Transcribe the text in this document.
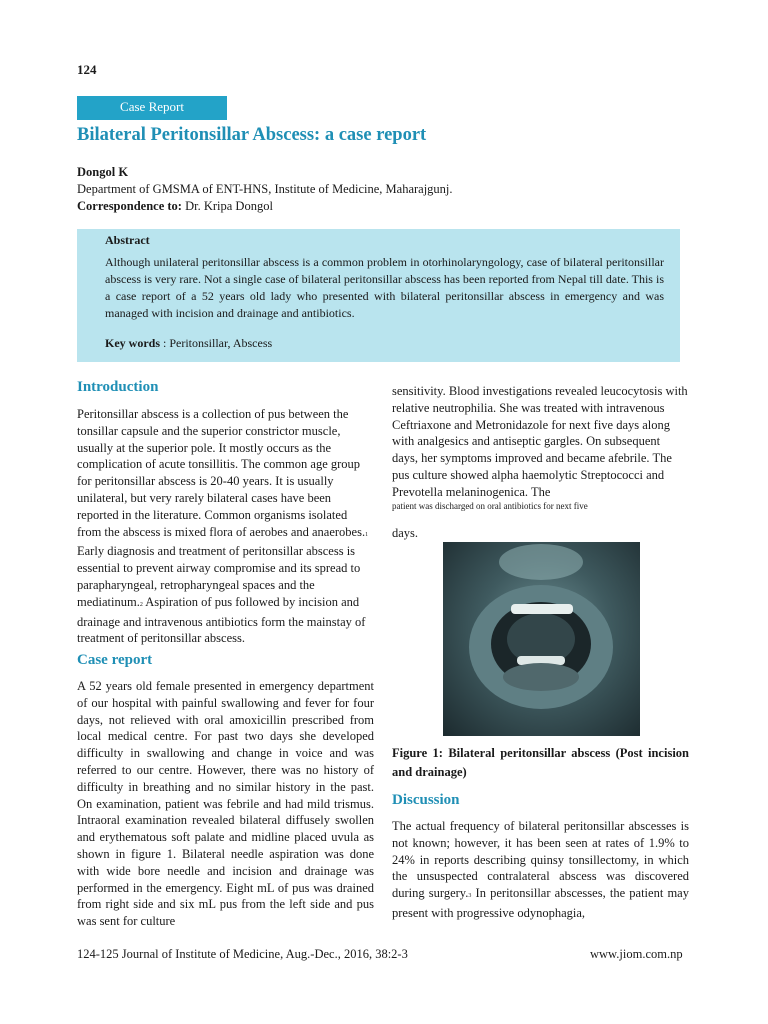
124
Case Report
Bilateral Peritonsillar Abscess: a case report
Dongol K
Department of GMSMA of ENT-HNS, Institute of Medicine, Maharajgunj.
Correspondence to: Dr. Kripa Dongol
Abstract

Although unilateral peritonsillar abscess is a common problem in otorhinolaryngology, case of bilateral peritonsillar abscess is very rare. Not a single case of bilateral peritonsillar abscess has been reported from Nepal till date. This is a case report of a 52 years old lady who presented with bilateral peritonsillar abscess in emergency and was managed with incision and drainage and antibiotics.

Key words : Peritonsillar, Abscess
Introduction

Peritonsillar abscess is a collection of pus between the tonsillar capsule and the superior constrictor muscle, usually at the superior pole. It mostly occurs as the complication of acute tonsillitis. The common age group for peritonsillar abscess is 20-40 years. It is usually unilateral, but very rarely bilateral cases have been reported in the literature. Common organisms isolated from the abscess is mixed flora of aerobes and anaerobes.1 Early diagnosis and treatment of peritonsillar abscess is essential to prevent airway compromise and its spread to parapharyngeal, retropharyngeal spaces and the mediatinum.2 Aspiration of pus followed by incision and drainage and intravenous antibiotics form the mainstay of treatment of peritonsillar abscess.

Case report

A 52 years old female presented in emergency department of our hospital with painful swallowing and fever for four days, not relieved with oral amoxicillin prescribed from local medical centre. For past two days she developed difficulty in swallowing and change in voice and was referred to our centre. However, there was no history of difficulty in breathing and no similar history in the past. On examination, patient was febrile and had mild trismus. Intraoral examination revealed bilateral diffusely swollen and erythematous soft palate and midline placed uvula as shown in figure 1. Bilateral needle aspiration was done with wide bore needle and incision and drainage was performed in the emergency. Eight mL of pus was drained from right side and six mL pus from the left side and pus was sent for culture

sensitivity. Blood investigations revealed leucocytosis with relative neutrophilia. She was treated with intravenous Ceftriaxone and Metronidazole for next five days along with analgesics and antiseptic gargles. On subsequent days, her symptoms improved and became afebrile. The pus culture showed alpha haemolytic Streptococci and Prevotella melaninogenica. The

patient was discharged on oral antibiotics for next five
days.
Figure 1: Bilateral peritonsillar abscess (Post incision and drainage)
Discussion

The actual frequency of bilateral peritonsillar abscesses is not known; however, it has been seen at rates of 1.9% to 24% in reports describing quinsy tonsillectomy, in which the unsuspected contralateral abscess was discovered during surgery.3 In peritonsillar abscesses, the patient may present with progressive odynophagia,

124-125 Journal of Institute of Medicine, Aug.-Dec., 2016, 38:2-3	www.jiom.com.np
